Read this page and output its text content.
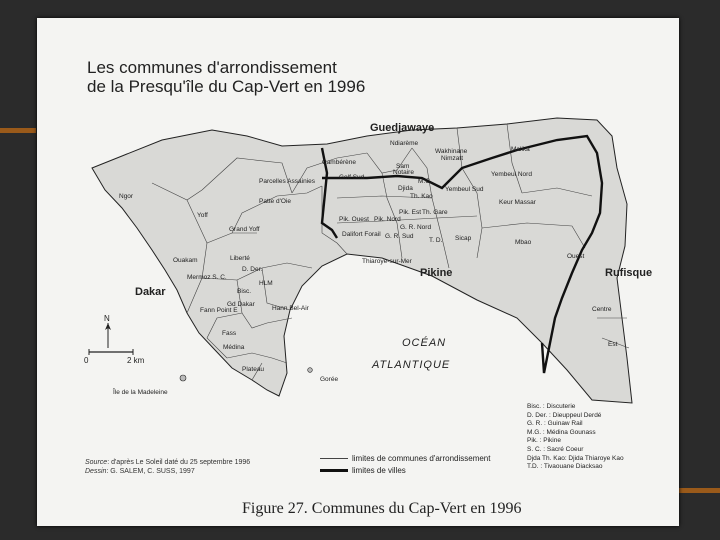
Les communes d'arrondissement
de la Presqu'île du Cap-Vert en 1996
N
0	2 km
Guedjawaye
Pikine
Dakar
Rufisque
Ndiarème
Wakhinane
Nimzatt
Malika
Yembeul Nord
Sam
Notaire
Cambérène
Golf Sud
M.G.
Djida
Th. Kao
Yembeul Sud
Keur Massar
Ngor
Parcelles Assainies
Patte d'Oie
Yoff
Pik. Ouest Pik. Nord
Pik. Est Th. Gare
G. R. Nord
Dalifort Forail G. R. Sud
T. D. Sicap
Mbao
Grand Yoff
Ouest
Ouakam	Liberté
D. Der.
Mermoz S. C.
Bisc.
HLM
Gd Dakar
Fann Point E	Hann Bel-Air
Fass
Médina
Plateau
Centre
Est
Thiaroye-sur-Mer
Île de la Madeleine
Gorée
OCÉAN
ATLANTIQUE
Bisc. : Discuterie
D. Der. : Dieuppeul Derdé
G. R. : Guinaw Rail
M.G. : Médina Gounass
Pik. : Pikine
S. C. : Sacré Coeur
Djda Th. Kao: Djida Thiaroye Kao
T.D. : Tivaouane Diacksao
Source: d'après Le Soleil daté du 25 septembre 1996
Dessin: G. SALEM, C. SUSS, 1997
limites de communes d'arrondissement
limites de villes
Figure 27. Communes du Cap-Vert en 1996
